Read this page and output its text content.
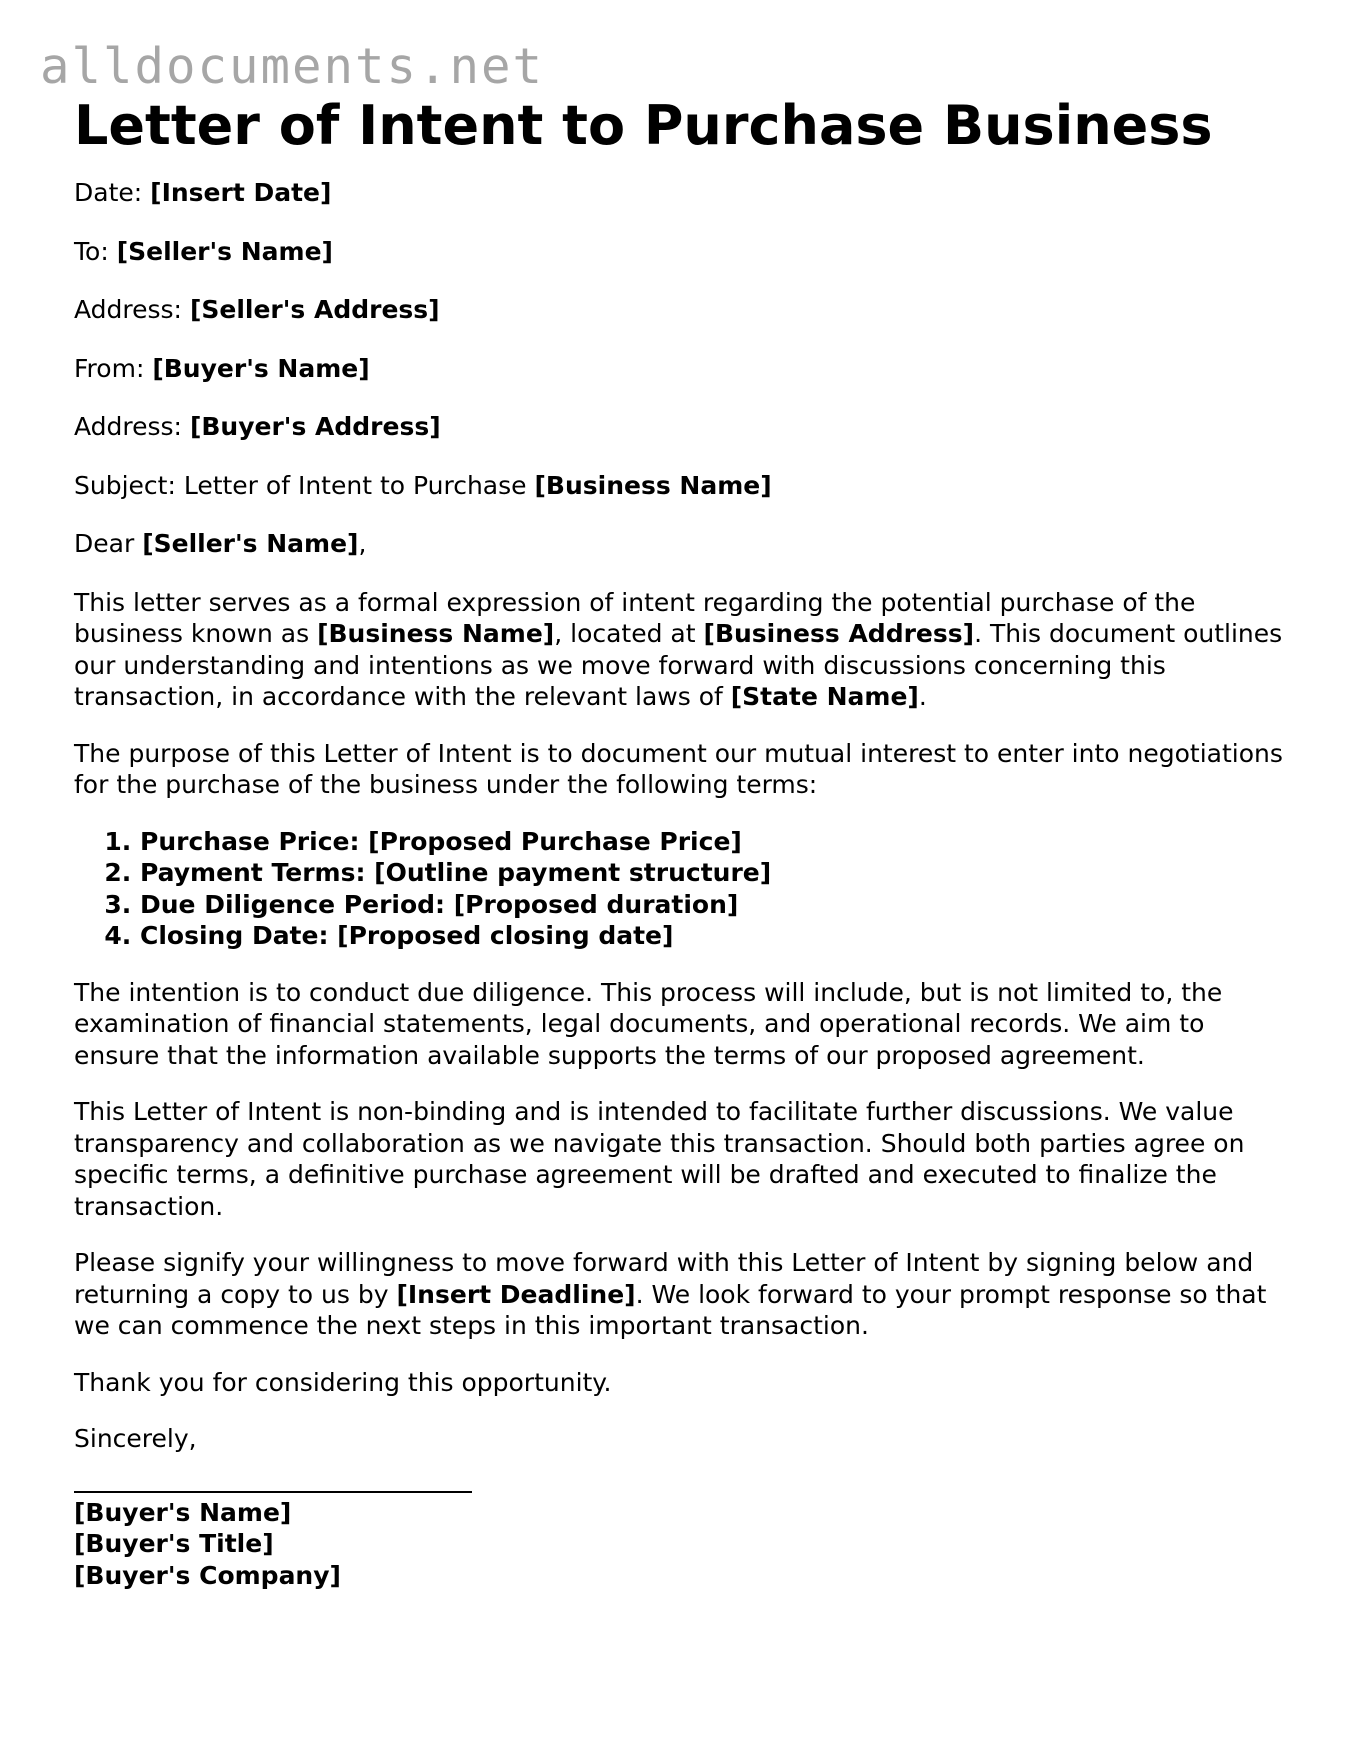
alldocuments.net
Letter of Intent to Purchase Business
Date: [Insert Date]
To: [Seller's Name]
Address: [Seller's Address]
From: [Buyer's Name]
Address: [Buyer's Address]
Subject: Letter of Intent to Purchase [Business Name]
Dear [Seller's Name],

This letter serves as a formal expression of intent regarding the potential purchase of the business known as [Business Name], located at [Business Address]. This document outlines our understanding and intentions as we move forward with discussions concerning this transaction, in accordance with the relevant laws of [State Name].

The purpose of this Letter of Intent is to document our mutual interest to enter into negotiations for the purchase of the business under the following terms:

1. Purchase Price: [Proposed Purchase Price]
2. Payment Terms: [Outline payment structure]
3. Due Diligence Period: [Proposed duration]
4. Closing Date: [Proposed closing date]

The intention is to conduct due diligence. This process will include, but is not limited to, the examination of financial statements, legal documents, and operational records. We aim to ensure that the information available supports the terms of our proposed agreement.

This Letter of Intent is non-binding and is intended to facilitate further discussions. We value transparency and collaboration as we navigate this transaction. Should both parties agree on specific terms, a definitive purchase agreement will be drafted and executed to finalize the transaction.

Please signify your willingness to move forward with this Letter of Intent by signing below and returning a copy to us by [Insert Deadline]. We look forward to your prompt response so that we can commence the next steps in this important transaction.

Thank you for considering this opportunity.

Sincerely,

[Buyer's Name]
[Buyer's Title]
[Buyer's Company]
